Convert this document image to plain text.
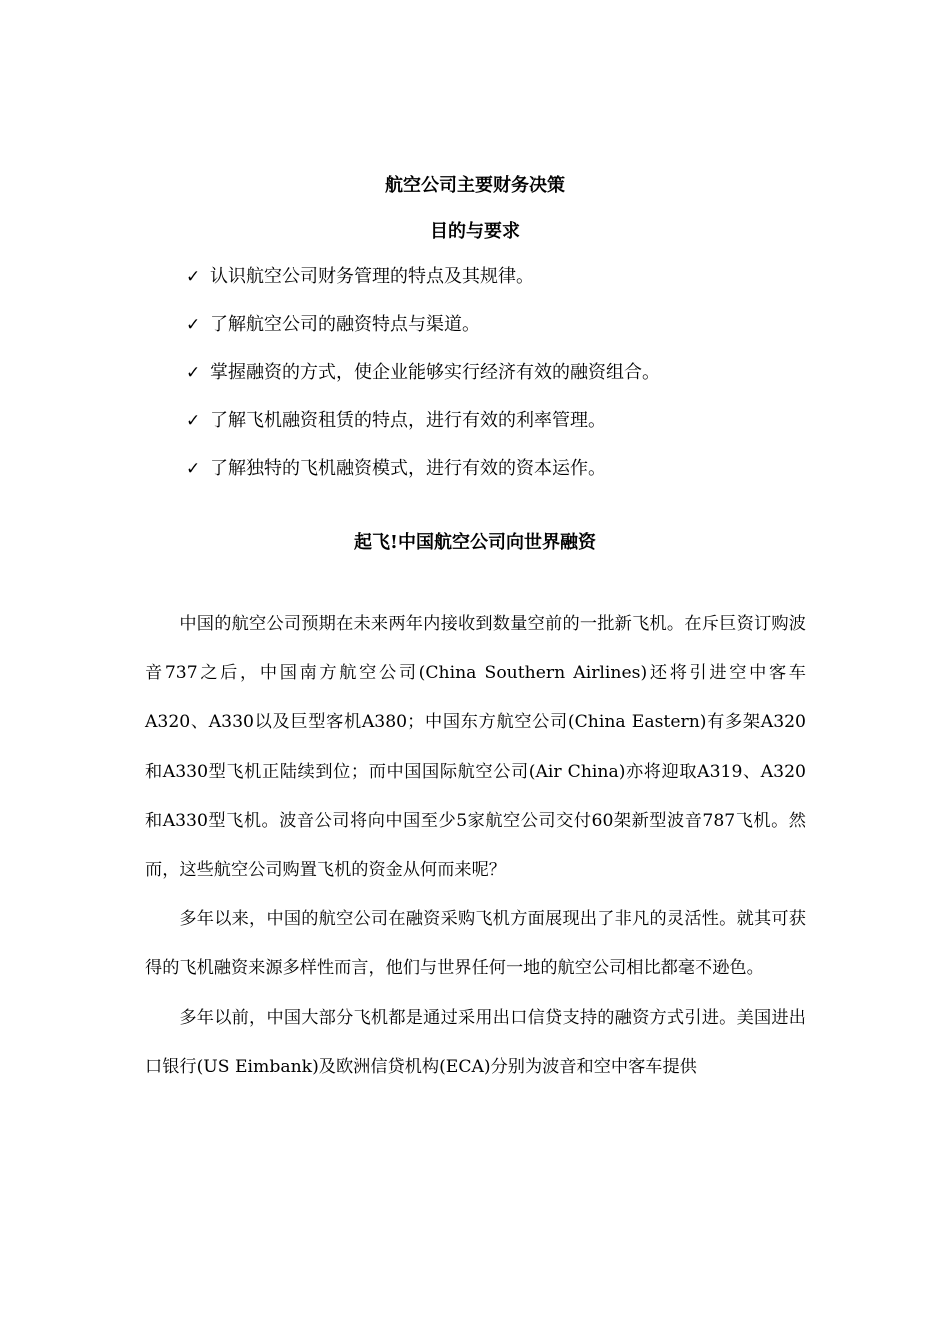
航空公司主要财务决策
目的与要求
✓ 认识航空公司财务管理的特点及其规律。
✓ 了解航空公司的融资特点与渠道。
✓ 掌握融资的方式，使企业能够实行经济有效的融资组合。
✓ 了解飞机融资租赁的特点，进行有效的利率管理。
✓ 了解独特的飞机融资模式，进行有效的资本运作。
起飞!中国航空公司向世界融资

中国的航空公司预期在未来两年内接收到数量空前的一批新飞机。在斥巨资订购波音737之后，中国南方航空公司(China Southern Airlines)还将引进空中客车A320、A330以及巨型客机A380；中国东方航空公司(China Eastern)有多架A320和A330型飞机正陆续到位；而中国国际航空公司(Air China)亦将迎取A319、A320和A330型飞机。波音公司将向中国至少5家航空公司交付60架新型波音787飞机。然而，这些航空公司购置飞机的资金从何而来呢？

多年以来，中国的航空公司在融资采购飞机方面展现出了非凡的灵活性。就其可获得的飞机融资来源多样性而言，他们与世界任何一地的航空公司相比都毫不逊色。

多年以前，中国大部分飞机都是通过采用出口信贷支持的融资方式引进。美国进出口银行(US Eimbank)及欧洲信贷机构(ECA)分别为波音和空中客车提供
